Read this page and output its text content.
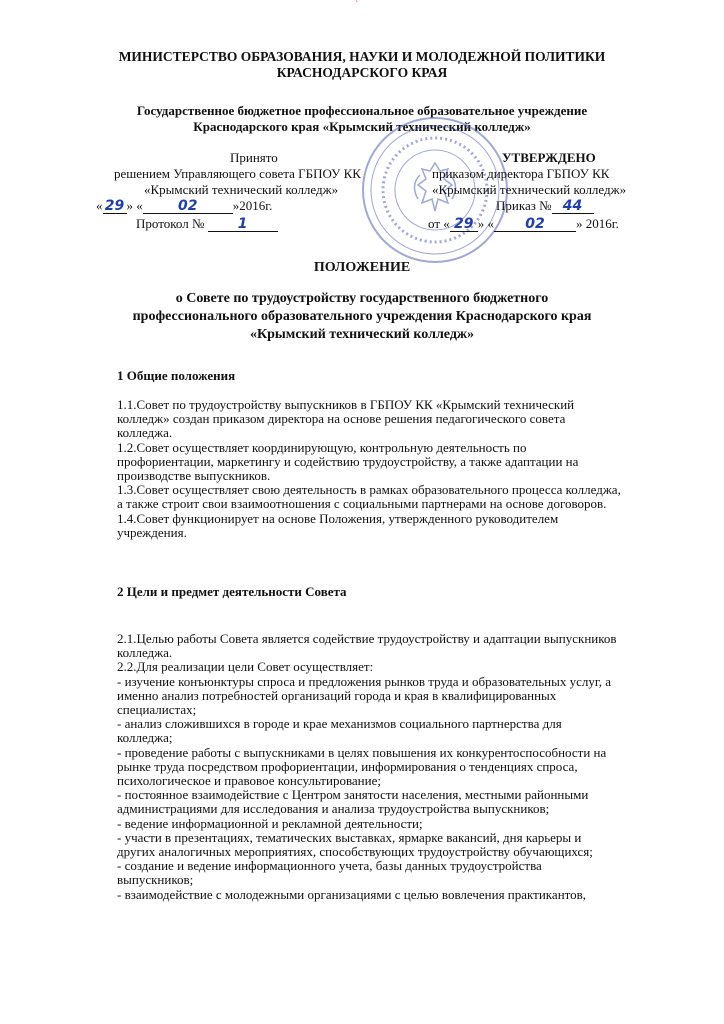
`
МИНИСТЕРСТВО ОБРАЗОВАНИЯ, НАУКИ И МОЛОДЕЖНОЙ ПОЛИТИКИ
КРАСНОДАРСКОГО КРАЯ
Государственное бюджетное профессиональное образовательное учреждение
Краснодарского края «Крымский технический колледж»
Принято
решением Управляющего совета ГБПОУ КК
«Крымский технический колледж»
« 29 » «	02	»2016г.
Протокол № 1
УТВЕРЖДЕНО
приказом директора ГБПОУ КК
«Крымский технический колледж»
Приказ № 44
от « 29 » « 02 » 2016г.
ПОЛОЖЕНИЕ
о Совете по трудоустройству государственного бюджетного
профессионального образовательного учреждения Краснодарского края
«Крымский технический колледж»
1 Общие положения

1.1.Совет по трудоустройству выпускников в ГБПОУ КК «Крымский технический

колледж» создан приказом директора на основе решения педагогического совета

колледжа.

1.2.Совет осуществляет координирующую, контрольную деятельность по

профориентации, маркетингу и содействию трудоустройству, а также адаптации на

производстве выпускников.

1.3.Совет осуществляет свою деятельность в рамках образовательного процесса колледжа,

а также строит свои взаимоотношения с социальными партнерами на основе договоров.

1.4.Совет функционирует на основе Положения, утвержденного руководителем

учреждения.

2 Цели и предмет деятельности Совета

2.1.Целью работы Совета является содействие трудоустройству и адаптации выпускников

колледжа.

2.2.Для реализации цели Совет осуществляет:

- изучение конъюнктуры спроса и предложения рынков труда и образовательных услуг, а

именно анализ потребностей организаций города и края в квалифицированных

специалистах;

- анализ сложившихся в городе и крае механизмов социального партнерства для

колледжа;

- проведение работы с выпускниками в целях повышения их конкурентоспособности на

рынке труда посредством профориентации, информирования о тенденциях спроса,

психологическое и правовое консультирование;

- постоянное взаимодействие с Центром занятости населения, местными районными

администрациями для исследования и анализа трудоустройства выпускников;

- ведение информационной и рекламной деятельности;

- участи в презентациях, тематических выставках, ярмарке вакансий, дня карьеры и

других аналогичных мероприятиях, способствующих трудоустройству обучающихся;

- создание и ведение информационного учета, базы данных трудоустройства

выпускников;

- взаимодействие с молодежными организациями с целью вовлечения практикантов,
